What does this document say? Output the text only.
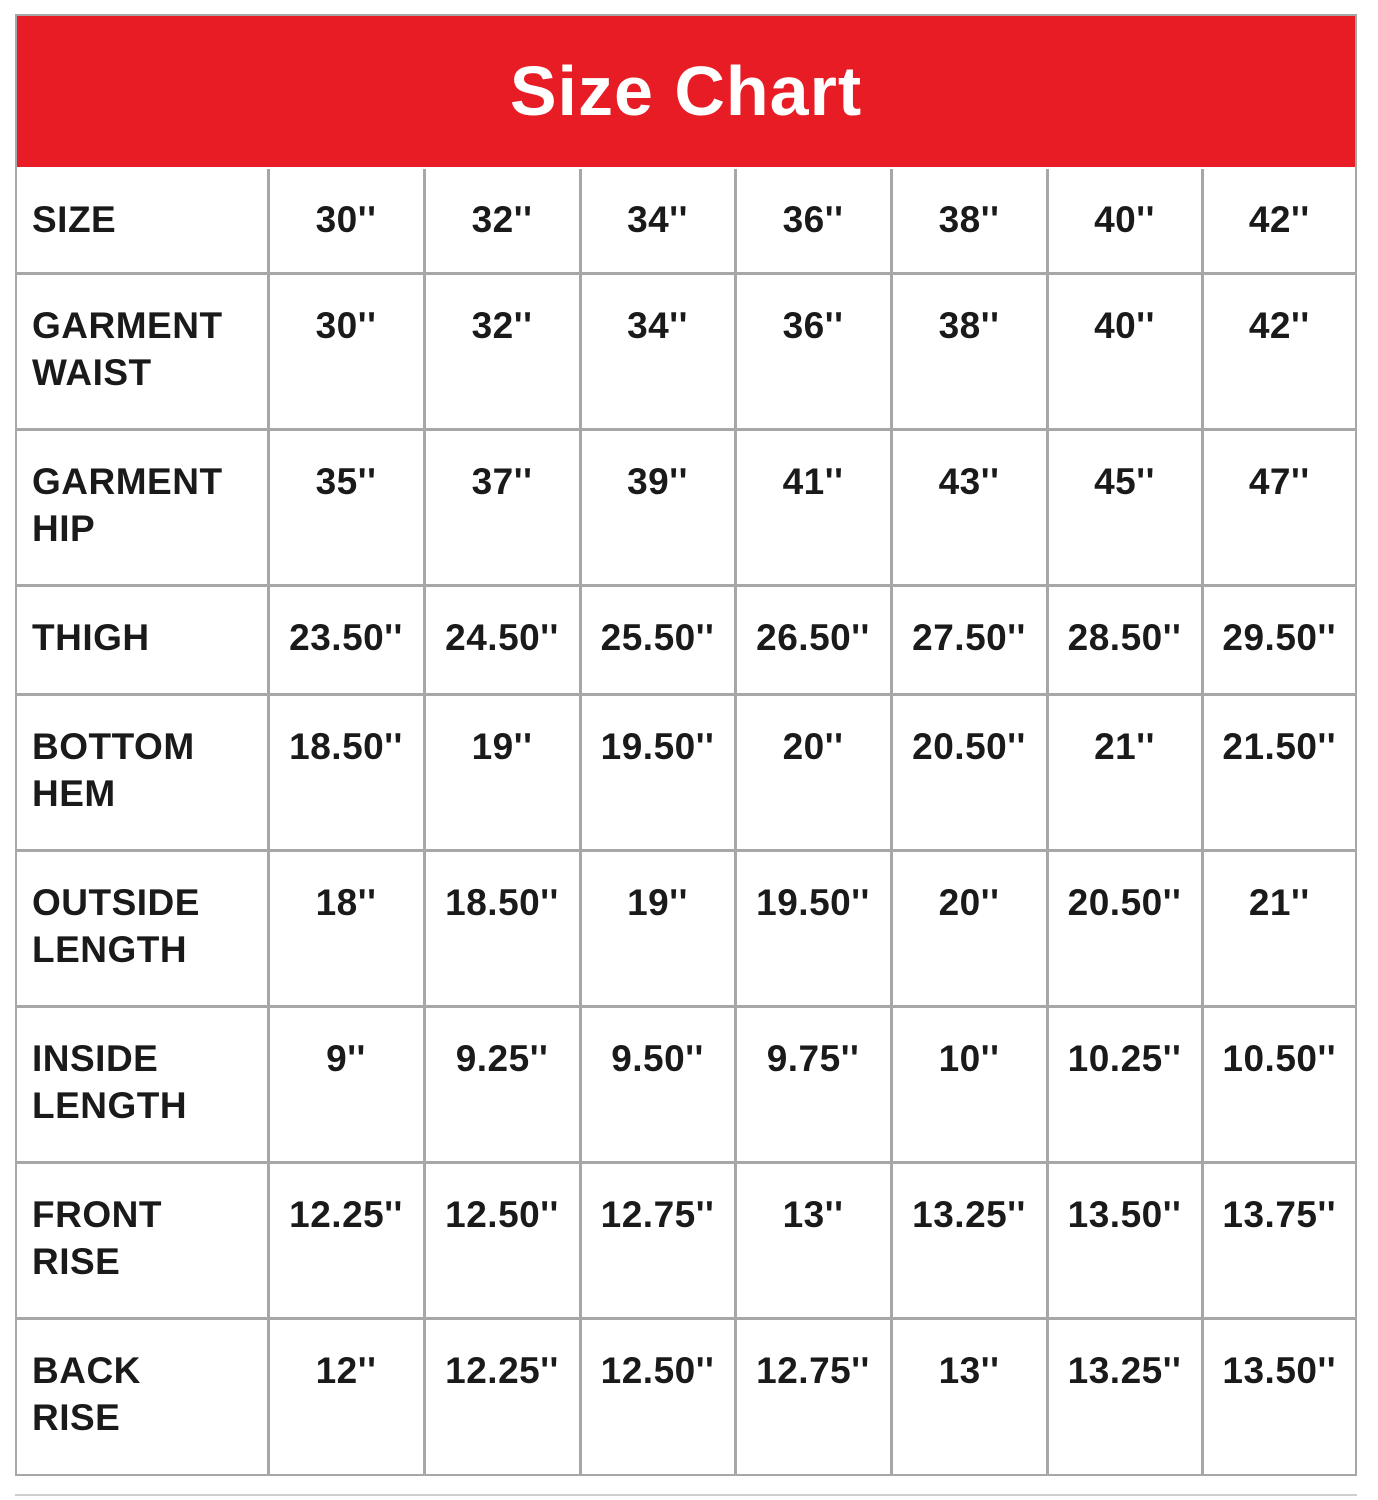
Size Chart
SIZE	30''	32''	34''	36''	38''	40''	42''
GARMENT
WAIST	30''	32''	34''	36''	38''	40''	42''
GARMENT
HIP	35''	37''	39''	41''	43''	45''	47''
THIGH	23.50''	24.50''	25.50''	26.50''	27.50''	28.50''	29.50''
BOTTOM
HEM	18.50''	19''	19.50''	20''	20.50''	21''	21.50''
OUTSIDE
LENGTH	18''	18.50''	19''	19.50''	20''	20.50''	21''
INSIDE
LENGTH	9''	9.25''	9.50''	9.75''	10''	10.25''	10.50''
FRONT
RISE	12.25''	12.50''	12.75''	13''	13.25''	13.50''	13.75''
BACK
RISE	12''	12.25''	12.50''	12.75''	13''	13.25''	13.50''
